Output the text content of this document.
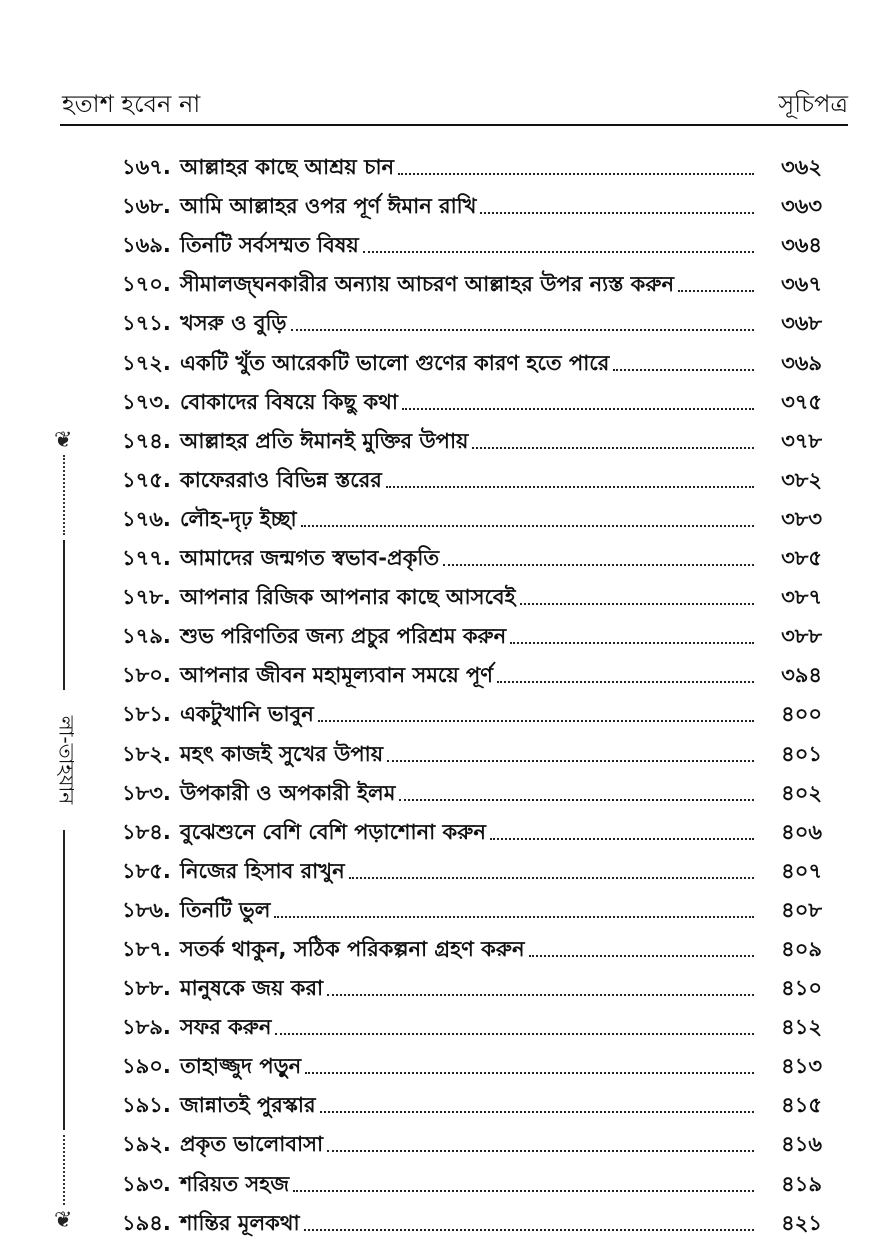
হতাশ হবেন না	সূচিপত্র
❦
লা-তাহযান
❦
১৬৭. আল্লাহর কাছে আশ্রয় চান	৩৬২
১৬৮. আমি আল্লাহর ওপর পূর্ণ ঈমান রাখি	৩৬৩
১৬৯. তিনটি সর্বসম্মত বিষয়	৩৬৪
১৭০. সীমালজ্ঘনকারীর অন্যায় আচরণ আল্লাহর উপর ন্যস্ত করুন	৩৬৭
১৭১. খসরু ও বুড়ি	৩৬৮
১৭২. একটি খুঁত আরেকটি ভালো গুণের কারণ হতে পারে	৩৬৯
১৭৩. বোকাদের বিষয়ে কিছু কথা	৩৭৫
১৭৪. আল্লাহর প্রতি ঈমানই মুক্তির উপায়	৩৭৮
১৭৫. কাফেররাও বিভিন্ন স্তরের	৩৮২
১৭৬. লৌহ-দৃঢ় ইচ্ছা	৩৮৩
১৭৭. আমাদের জন্মগত স্বভাব-প্রকৃতি	৩৮৫
১৭৮. আপনার রিজিক আপনার কাছে আসবেই	৩৮৭
১৭৯. শুভ পরিণতির জন্য প্রচুর পরিশ্রম করুন	৩৮৮
১৮০. আপনার জীবন মহামূল্যবান সময়ে পূর্ণ	৩৯৪
১৮১. একটুখানি ভাবুন	৪০০
১৮২. মহৎ কাজই সুখের উপায়	৪০১
১৮৩. উপকারী ও অপকারী ইলম	৪০২
১৮৪. বুঝেশুনে বেশি বেশি পড়াশোনা করুন	৪০৬
১৮৫. নিজের হিসাব রাখুন	৪০৭
১৮৬. তিনটি ভুল	৪০৮
১৮৭. সতর্ক থাকুন, সঠিক পরিকল্পনা গ্রহণ করুন	৪০৯
১৮৮. মানুষকে জয় করা	৪১০
১৮৯. সফর করুন	৪১২
১৯০. তাহাজ্জুদ পড়ুন	৪১৩
১৯১. জান্নাতই পুরস্কার	৪১৫
১৯২. প্রকৃত ভালোবাসা	৪১৬
১৯৩. শরিয়ত সহজ	৪১৯
১৯৪. শান্তির মূলকথা	৪২১
